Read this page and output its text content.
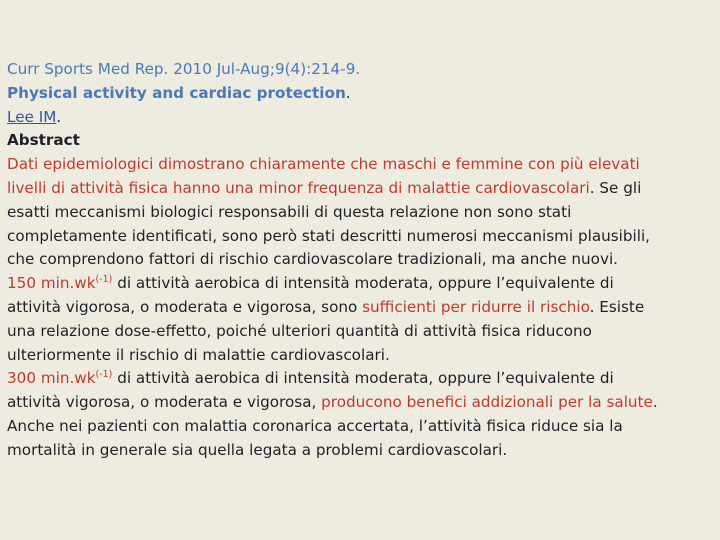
Curr Sports Med Rep. 2010 Jul-Aug;9(4):214-9.
Physical activity and cardiac protection.
Lee IM.
Abstract
Dati epidemiologici dimostrano chiaramente che maschi e femmine con più elevati
livelli di attività fisica hanno una minor frequenza di malattie cardiovascolari. Se gli
esatti meccanismi biologici responsabili di questa relazione non sono stati
completamente identificati, sono però stati descritti numerosi meccanismi plausibili,
che comprendono fattori di rischio cardiovascolare tradizionali, ma anche nuovi.
150 $\min.wk^{(-1)}$ di attività aerobica di intensità moderata, oppure l’equivalente di
attività vigorosa, o moderata e vigorosa, sono sufficienti per ridurre il rischio. Esiste
una relazione dose-effetto, poiché ulteriori quantità di attività fisica riducono
ulteriormente il rischio di malattie cardiovascolari.
300 $\min.wk^{(-1)}$ di attività aerobica di intensità moderata, oppure l’equivalente di
attività vigorosa, o moderata e vigorosa, producono benefici addizionali per la salute.
Anche nei pazienti con malattia coronarica accertata, l’attività fisica riduce sia la
mortalità in generale sia quella legata a problemi cardiovascolari.
